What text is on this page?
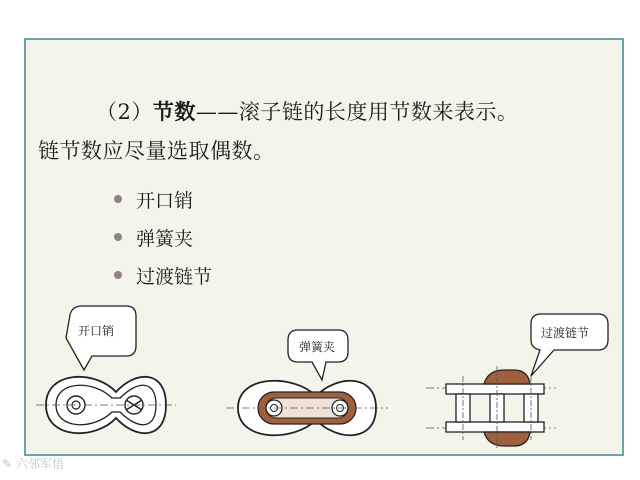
（2）节数——滚子链的长度用节数来表示。
链节数应尽量选取偶数。
开口销
弹簧夹
过渡链节
开口销
弹簧夹
过渡链节
✎ 六邻军悟
